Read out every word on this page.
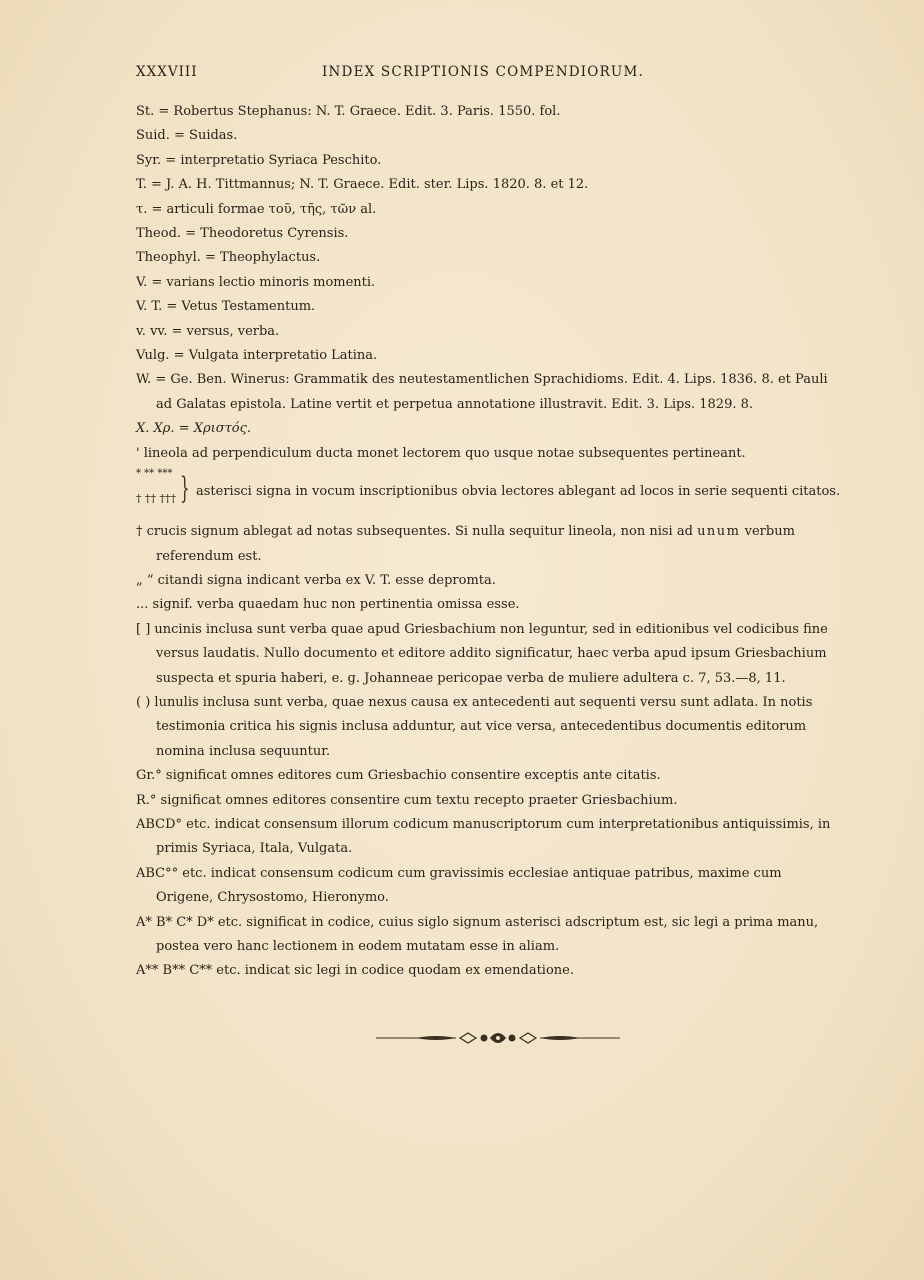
XXXVIII	INDEX SCRIPTIONIS COMPENDIORUM.
St. = Robertus Stephanus: N. T. Graece. Edit. 3. Paris. 1550. fol.
Suid. = Suidas.
Syr. = interpretatio Syriaca Peschito.
T. = J. A. H. Tittmannus; N. T. Graece. Edit. ster. Lips. 1820. 8. et 12.
τ. = articuli formae τοῦ, τῆς, τῶν al.
Theod. = Theodoretus Cyrensis.
Theophyl. = Theophylactus.
V. = varians lectio minoris momenti.
V. T. = Vetus Testamentum.
v. vv. = versus, verba.
Vulg. = Vulgata interpretatio Latina.
W. = Ge. Ben. Winerus: Grammatik des neutestamentlichen Sprachidioms. Edit. 4. Lips. 1836. 8. et Pauli ad Galatas epistola. Latine vertit et perpetua annotatione illustravit. Edit. 3. Lips. 1829. 8.
X. Χρ. = Χριστός.
' lineola ad perpendiculum ducta monet lectorem quo usque notae subsequentes pertineant.
* ** ***
† †† ††† } asterisci signa in vocum inscriptionibus obvia lectores ablegant ad locos in serie sequenti citatos.
† crucis signum ablegat ad notas subsequentes. Si nulla sequitur lineola, non nisi ad unum verbum referendum est.
„ “ citandi signa indicant verba ex V. T. esse depromta.
... signif. verba quaedam huc non pertinentia omissa esse.
[ ] uncinis inclusa sunt verba quae apud Griesbachium non leguntur, sed in editionibus vel codicibus fine versus laudatis. Nullo documento et editore addito significatur, haec verba apud ipsum Griesbachium suspecta et spuria haberi, e. g. Johanneae pericopae verba de muliere adultera c. 7, 53.—8, 11.
( ) lunulis inclusa sunt verba, quae nexus causa ex antecedenti aut sequenti versu sunt adlata. In notis testimonia critica his signis inclusa adduntur, aut vice versa, antecedentibus documentis editorum nomina inclusa sequuntur.
Gr.° significat omnes editores cum Griesbachio consentire exceptis ante citatis.
R.° significat omnes editores consentire cum textu recepto praeter Griesbachium.
ABCD° etc. indicat consensum illorum codicum manuscriptorum cum interpretationibus antiquissimis, in primis Syriaca, Itala, Vulgata.
ABC°° etc. indicat consensum codicum cum gravissimis ecclesiae antiquae patribus, maxime cum Origene, Chrysostomo, Hieronymo.
A* B* C* D* etc. significat in codice, cuius siglo signum asterisci adscriptum est, sic legi a prima manu, postea vero hanc lectionem in eodem mutatam esse in aliam.
A** B** C** etc. indicat sic legi in codice quodam ex emendatione.
